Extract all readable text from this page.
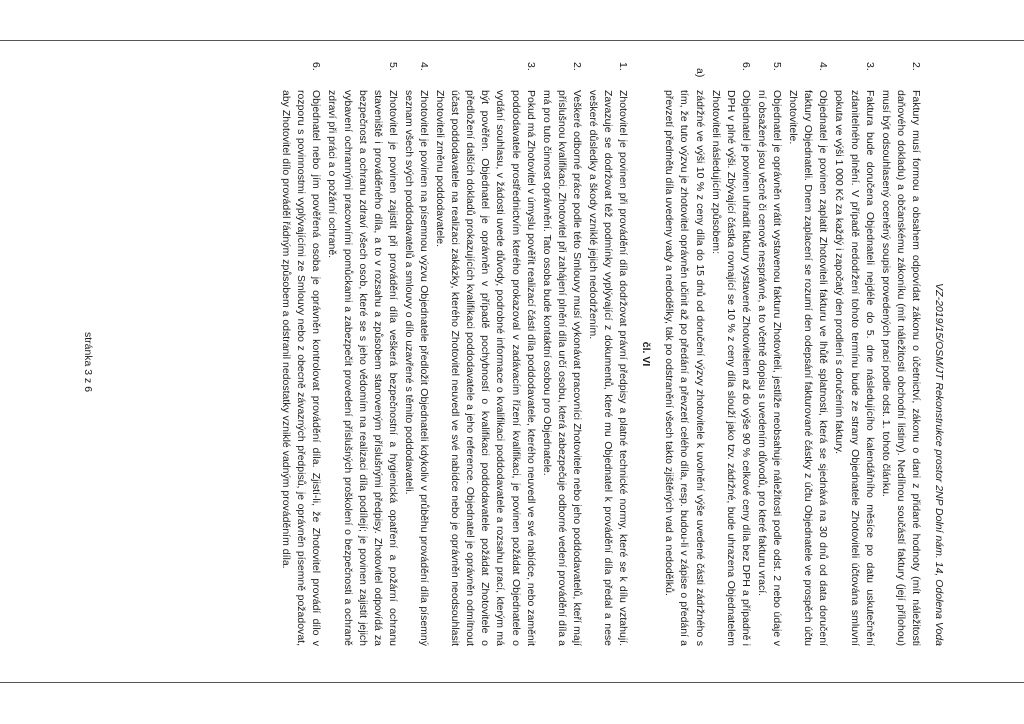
VZ-2019/15/OSM/JT Rekonstrukce prostor 2NP Dolní nám. 14, Odolena Voda
2.
Faktury musí formou a obsahem odpovídat zákonu o účetnictví, zákonu o dani z přidané hodnoty (mít náležitosti daňového dokladu) a občanskému zákoníku (mít náležitosti obchodní listiny). Nedílnou součástí faktury (její přílohou) musí být odsouhlasený oceněný soupis provedených prací podle odst. 1. tohoto článku.
3.
Faktura bude doručena Objednateli nejdéle do 5. dne následujícího kalendářního měsíce po datu uskutečnění zdanitelného plnění. V případě nedodržení tohoto termínu bude ze strany Objednatele Zhotoviteli účtována smluvní pokuta ve výši 1 000 Kč za každý i započatý den prodlení s doručením faktury.
4.
Objednatel je povinen zaplatit Zhotoviteli fakturu ve lhůtě splatnosti, která se sjednává na 30 dnů od data doručení faktury Objednateli. Dnem zaplacení se rozumí den odepsání fakturované částky z účtu Objednatele ve prospěch účtu Zhotovitele.
5.
Objednatel je oprávněn vrátit vystavenou fakturu Zhotoviteli, jestliže neobsahuje náležitosti podle odst. 2 nebo údaje v ní obsažené jsou věcně či cenově nesprávné, a to včetně dopisu s uvedením důvodů, pro které fakturu vrací.
6.
Objednatel je povinen uhradit faktury vystavené Zhotovitelem až do výše 90 % celkové ceny díla bez DPH a případně i DPH v plné výši. Zbývající částka rovnající se 10 % z ceny díla slouží jako tzv. zádržné, bude uhrazena Objednatelem Zhotoviteli následujícím způsobem:
a)
zádržné ve výši 10 % z ceny díla do 15 dnů od doručení výzvy zhotovitele k uvolnění výše uvedené části zádržného s tím, že tuto výzvu je zhotovitel oprávněn učinit až po předání a převzetí celého díla, resp. budou-li v zápise o předání a převzetí předmětu díla uvedeny vady a nedodělky, tak po odstranění všech takto zjištěných vad a nedodělků.
čl. VI
1.
Zhotovitel je povinen při provádění díla dodržovat právní předpisy a platné technické normy, které se k dílu vztahují. Zavazuje se dodržovat též podmínky vyplývající z dokumentů, které mu Objednatel k provádění díla předal a nese veškeré důsledky a škody vzniklé jejich nedodržením.
2.
Veškeré odborné práce podle této Smlouvy musí vykonávat pracovníci Zhotovitele nebo jeho poddodavatelů, kteří mají příslušnou kvalifikaci. Zhotovitel při zahájení plnění díla určí osobu, která zabezpečuje odborné vedení provádění díla a má pro tuto činnost oprávnění. Tato osoba bude kontaktní osobou pro Objednatele.
3.
Pokud má Zhotovitel v úmyslu pověřit realizací části díla poddodavatele, kterého neuvedl ve své nabídce, nebo zaměnit poddodavatele prostřednictvím kterého prokazoval v zadávacím řízení kvalifikaci, je povinen požádat Objednatele o vydání souhlasu, v žádosti uvede důvody, podrobné informace o kvalifikaci poddodavatele a rozsahu prací, kterým má být pověřen. Objednatel je oprávněn v případě pochybností o kvalifikaci poddodavatele požádat Zhotovitele o předložení dalších dokladů prokazujících kvalifikaci poddodavatele a jeho reference. Objednatel je oprávněn odmítnout účast poddodavatele na realizaci zakázky, kterého Zhotovitel neuvedl ve své nabídce nebo je oprávněn neodsouhlasit Zhotoviteli změnu poddodavatele.
4.
Zhotovitel je povinen na písemnou výzvu Objednatele předložit Objednateli kdykoliv v průběhu provádění díla písemný seznam všech svých poddodavatelů a smlouvy o dílo uzavřené s těmito poddodavateli.
5.
Zhotovitel je povinen zajistit při provádění díla veškerá bezpečnostní a hygienická opatření a požární ochranu staveniště i prováděného díla, a to v rozsahu a způsobem stanoveným příslušnými předpisy. Zhotovitel odpovídá za bezpečnost a ochranu zdraví všech osob, které se s jeho vědomím na realizaci díla podílejí; je povinen zajistit jejich vybavení ochrannými pracovními pomůckami a zabezpečit provedení příslušných proškolení o bezpečnosti a ochraně zdraví při práci a o požární ochraně.
6.
Objednatel nebo jím pověřená osoba je oprávněn kontrolovat provádění díla. Zjistí-li, že Zhotovitel provádí dílo v rozporu s povinnostmi vyplývajícími ze Smlouvy nebo z obecně závazných předpisů, je oprávněn písemně požadovat, aby Zhotovitel dílo prováděl řádným způsobem a odstranil nedostatky vzniklé vadným prováděním díla.
stránka 3 z 6
